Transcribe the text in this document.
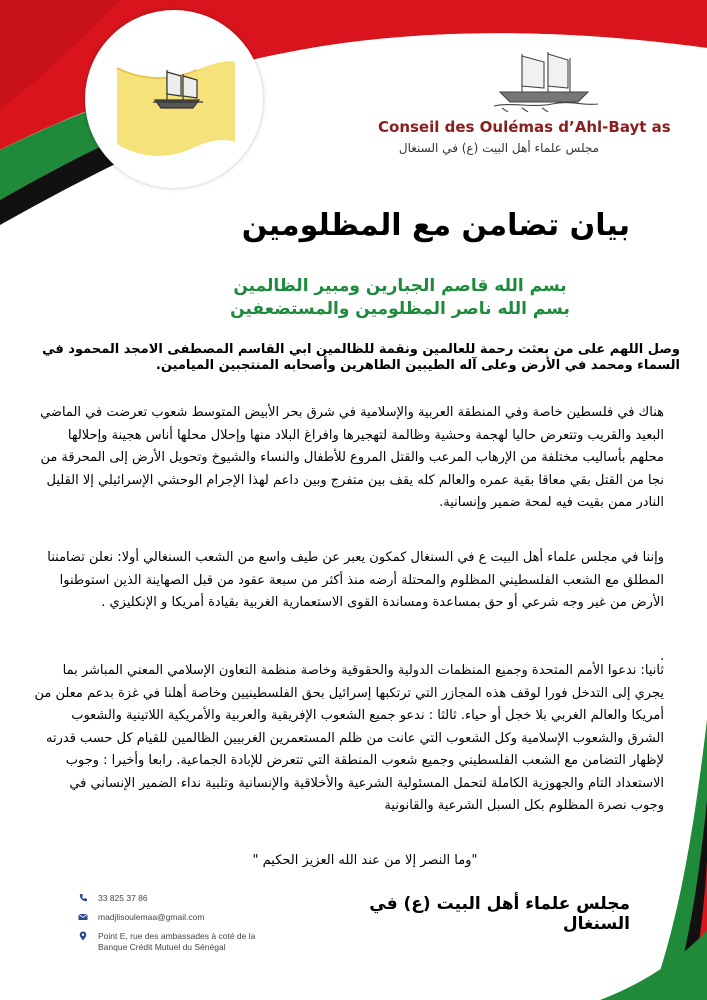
Conseil des Oulémas d’Ahl-Bayt as
مجلس علماء أهل البيت (ع) في السنغال
بيان تضامن مع المظلومين
بسم الله قاصم الجبارين ومبير الظالمين
بسم الله ناصر المظلومين والمستضعفين
وصل اللهم على من بعثت رحمة للعالمين ونقمة للظالمين ابي القاسم المصطفى الامجد المحمود في السماء ومحمد في الأرض وعلى آله الطيبين الطاهرين وأصحابه المنتجبين الميامين.
هناك في فلسطين خاصة وفي المنطقة العربية والإسلامية في شرق بحر الأبيض المتوسط شعوب تعرضت في الماضي البعيد والقريب وتتعرض حاليا لهجمة وحشية وظالمة لتهجيرها وافراغ البلاد منها وإحلال محلها أناس هجينة وإحلالها محلهم بأساليب مختلفة من الإرهاب المرعب والقتل المروع للأطفال والنساء والشيوخ وتحويل الأرض إلى المحرقة من نجا من القتل بقي معاقا بقية عمره والعالم كله يقف بين متفرج وبين داعم لهذا الإجرام الوحشي الإسرائيلي إلا القليل النادر ممن بقيت فيه لمحة ضمير وإنسانية.
وإننا في مجلس علماء أهل البيت ع في السنغال كمكون يعبر عن طيف واسع من الشعب السنغالي أولا: نعلن تضامننا المطلق مع الشعب الفلسطيني المظلوم والمحتلة أرضه منذ أكثر من سبعة عقود من قبل الصهاينة الذين استوطنوا الأرض من غير وجه شرعي أو حق بمساعدة ومساندة القوى الاستعمارية الغربية بقيادة أمريكا و الإنكليزي .
.
ثانيا: ندعوا الأمم المتحدة وجميع المنظمات الدولية والحقوقية وخاصة منظمة التعاون الإسلامي المعني المباشر بما يجري إلى التدخل فورا لوقف هذه المجازر التي ترتكبها إسرائيل بحق الفلسطينيين وخاصة أهلنا في غزة بدعم معلن من أمريكا والعالم الغربي بلا خجل أو حياء. ثالثا : ندعو جميع الشعوب الإفريقية والعربية والأمريكية اللاتينية والشعوب الشرق والشعوب الإسلامية وكل الشعوب التي عانت من ظلم المستعمرين الغربيين الظالمين للقيام كل حسب قدرته لإظهار التضامن مع الشعب الفلسطيني وجميع شعوب المنطقة التي تتعرض للإبادة الجماعية. رابعا وأخيرا : وجوب الاستعداد التام والجهوزية الكاملة لتحمل المسئولية الشرعية والأخلاقية والإنسانية وتلبية نداء الضمير الإنساني في وجوب نصرة المظلوم بكل السبل الشرعية والقانونية
"وما النصر إلا من عند الله العزيز الحكيم "
مجلس علماء أهل البيت (ع) في السنغال
33 825 37 86
madjlisoulemaa@gmail.com
Point E, rue des ambassades à coté de la Banque Crédit Mutuel du Sénégal
